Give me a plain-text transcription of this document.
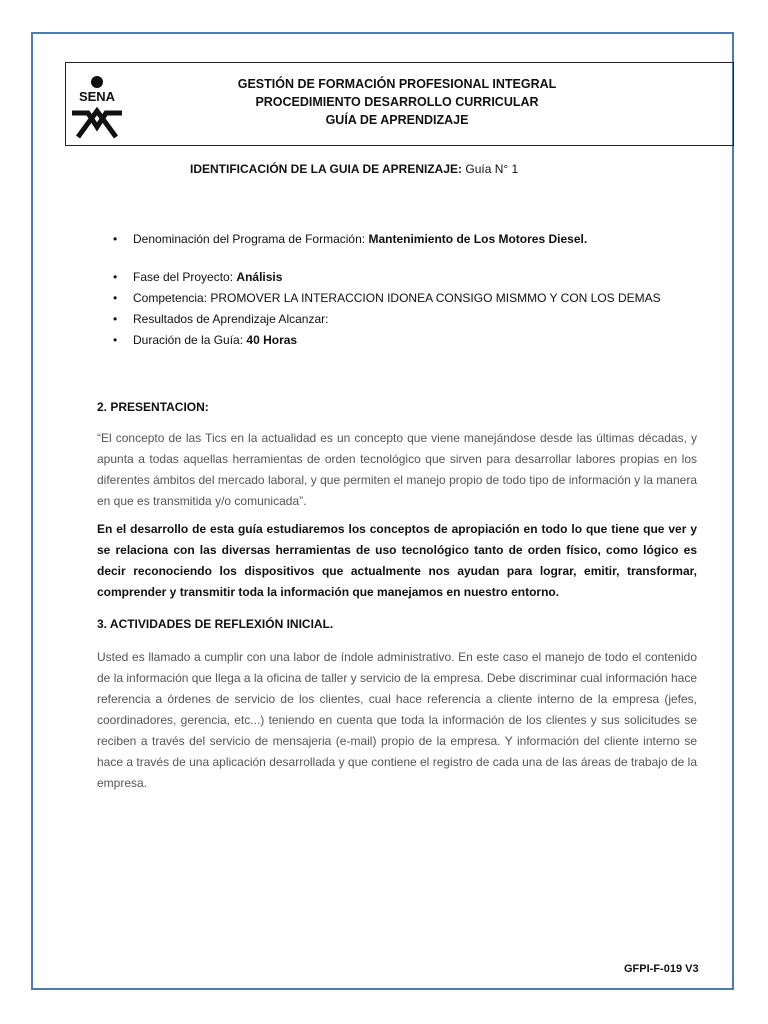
SENA
GESTIÓN DE FORMACIÓN PROFESIONAL INTEGRAL
PROCEDIMIENTO DESARROLLO CURRICULAR
GUÍA DE APRENDIZAJE
IDENTIFICACIÓN DE LA GUIA DE APRENIZAJE: Guía N° 1
• Denominación del Programa de Formación: Mantenimiento de Los Motores Diesel.
• Fase del Proyecto: Análisis
• Competencia: PROMOVER LA INTERACCION IDONEA CONSIGO MISMMO Y CON LOS DEMAS
• Resultados de Aprendizaje Alcanzar:
• Duración de la Guía: 40 Horas
2. PRESENTACION:
“El concepto de las Tics en la actualidad es un concepto que viene manejándose desde las últimas décadas, y apunta a todas aquellas herramientas de orden tecnológico que sirven para desarrollar labores propias en los diferentes ámbitos del mercado laboral, y que permiten el manejo propio de todo tipo de información y la manera en que es transmitida y/o comunicada”.
En el desarrollo de esta guía estudiaremos los conceptos de apropiación en todo lo que tiene que ver y se relaciona con las diversas herramientas de uso tecnológico tanto de orden físico, como lógico es decir reconociendo los dispositivos que actualmente nos ayudan para lograr, emitir, transformar, comprender y transmitir toda la información que manejamos en nuestro entorno.
3. ACTIVIDADES DE REFLEXIÓN INICIAL.
Usted es llamado a cumplir con una labor de índole administrativo. En este caso el manejo de todo el contenido de la información que llega a la oficina de taller y servicio de la empresa. Debe discriminar cual información hace referencia a órdenes de servicio de los clientes, cual hace referencia a cliente interno de la empresa (jefes, coordinadores, gerencia, etc...) teniendo en cuenta que toda la información de los clientes y sus solicitudes se reciben a través del servicio de mensajeria (e-mail) propio de la empresa. Y información del cliente interno se hace a través de una aplicación desarrollada y que contiene el registro de cada una de las áreas de trabajo de la empresa.
GFPI-F-019 V3
